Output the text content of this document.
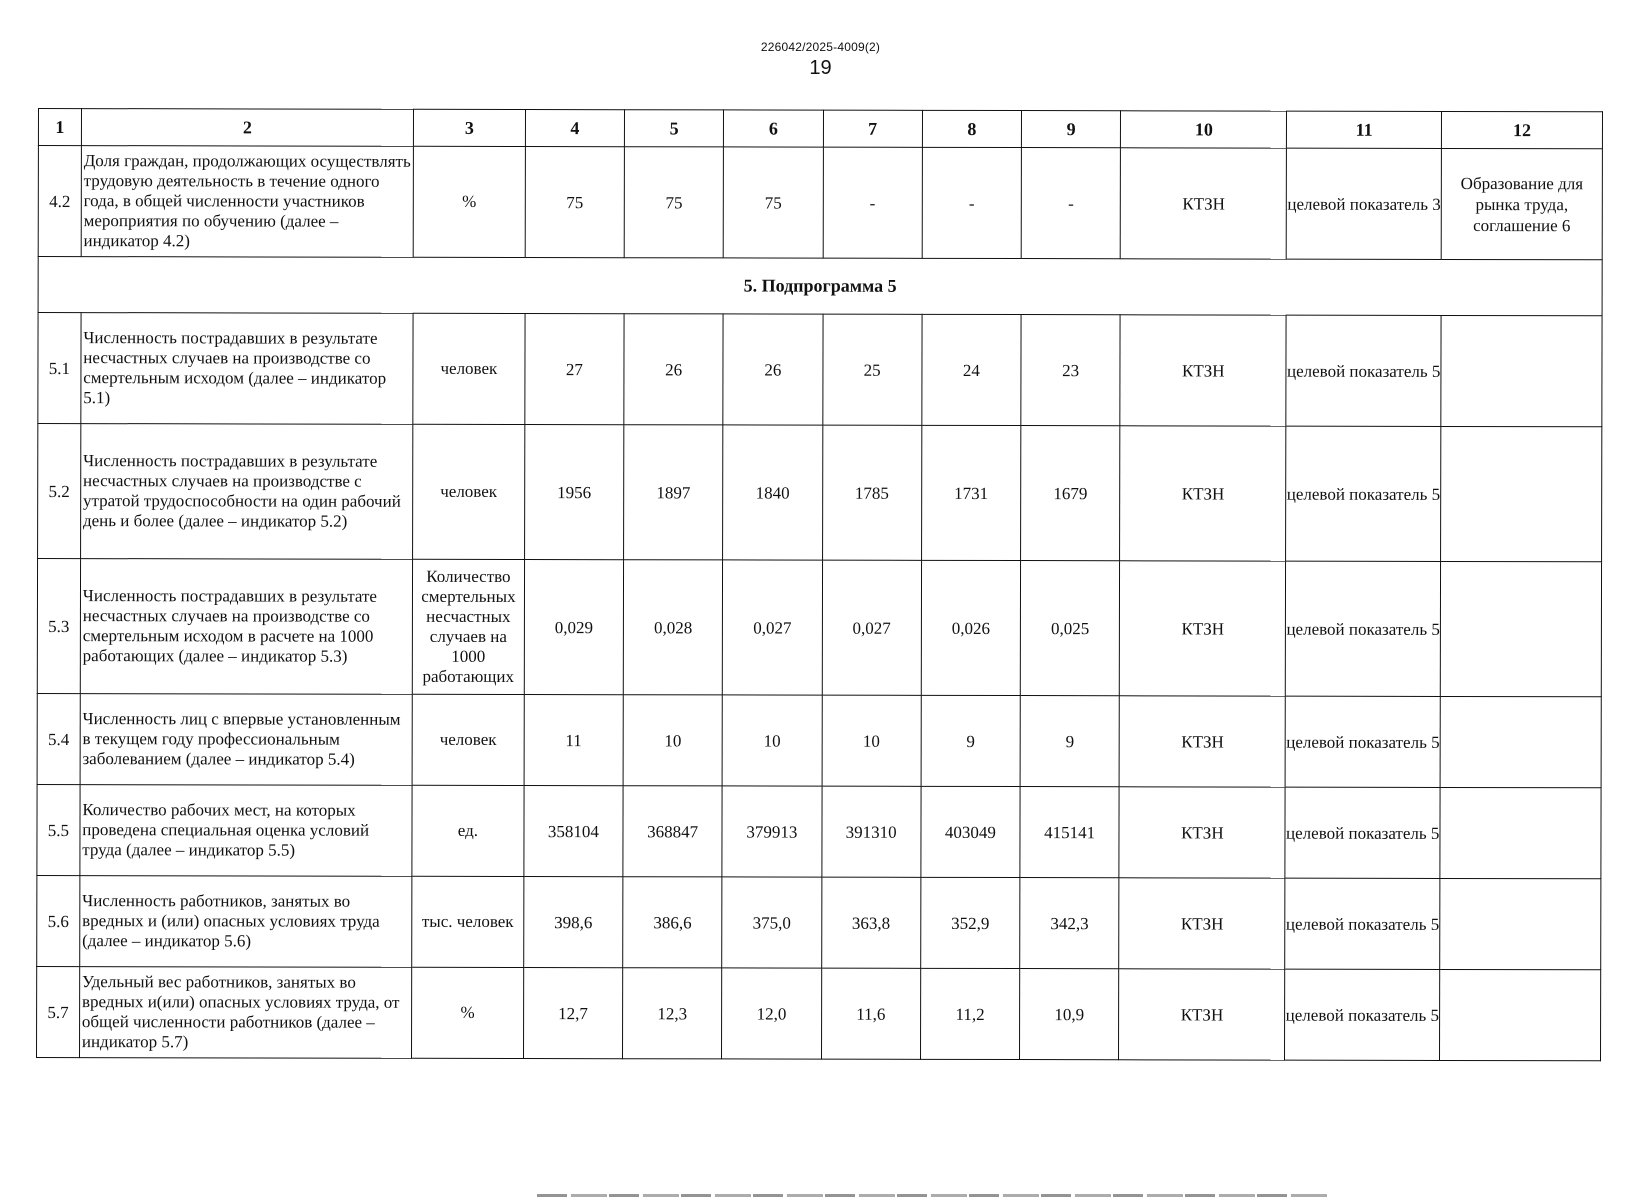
226042/2025-4009(2)
19
1	2	3	4	5	6	7	8	9	10	11	12
4.2	Доля граждан, продолжающих осуществлять трудовую деятельность в течение одного года, в общей численности участников мероприятия по обучению (далее – индикатор 4.2)	%	75	75	75	-	-	-	КТЗН	целевой показатель 3	Образование для рынка труда, соглашение 6
5. Подпрограмма 5											
5.1	Численность пострадавших в результате несчастных случаев на производстве со смертельным исходом (далее – индикатор 5.1)	человек	27	26	26	25	24	23	КТЗН	целевой показатель 5	
5.2	Численность пострадавших в результате несчастных случаев на производстве с утратой трудоспособности на один рабочий день и более (далее – индикатор 5.2)	человек	1956	1897	1840	1785	1731	1679	КТЗН	целевой показатель 5	
5.3	Численность пострадавших в результате несчастных случаев на производстве со смертельным исходом в расчете на 1000 работающих (далее – индикатор 5.3)	Количество смертельных несчастных случаев на 1000 работающих	0,029	0,028	0,027	0,027	0,026	0,025	КТЗН	целевой показатель 5	
5.4	Численность лиц с впервые установленным в текущем году профессиональным заболеванием (далее – индикатор 5.4)	человек	11	10	10	10	9	9	КТЗН	целевой показатель 5	
5.5	Количество рабочих мест, на которых проведена специальная оценка условий труда (далее – индикатор 5.5)	ед.	358104	368847	379913	391310	403049	415141	КТЗН	целевой показатель 5	
5.6	Численность работников, занятых во вредных и (или) опасных условиях труда (далее – индикатор 5.6)	тыс. человек	398,6	386,6	375,0	363,8	352,9	342,3	КТЗН	целевой показатель 5	
5.7	Удельный вес работников, занятых во вредных и(или) опасных условиях труда, от общей численности работников (далее – индикатор 5.7)	%	12,7	12,3	12,0	11,6	11,2	10,9	КТЗН	целевой показатель 5	
